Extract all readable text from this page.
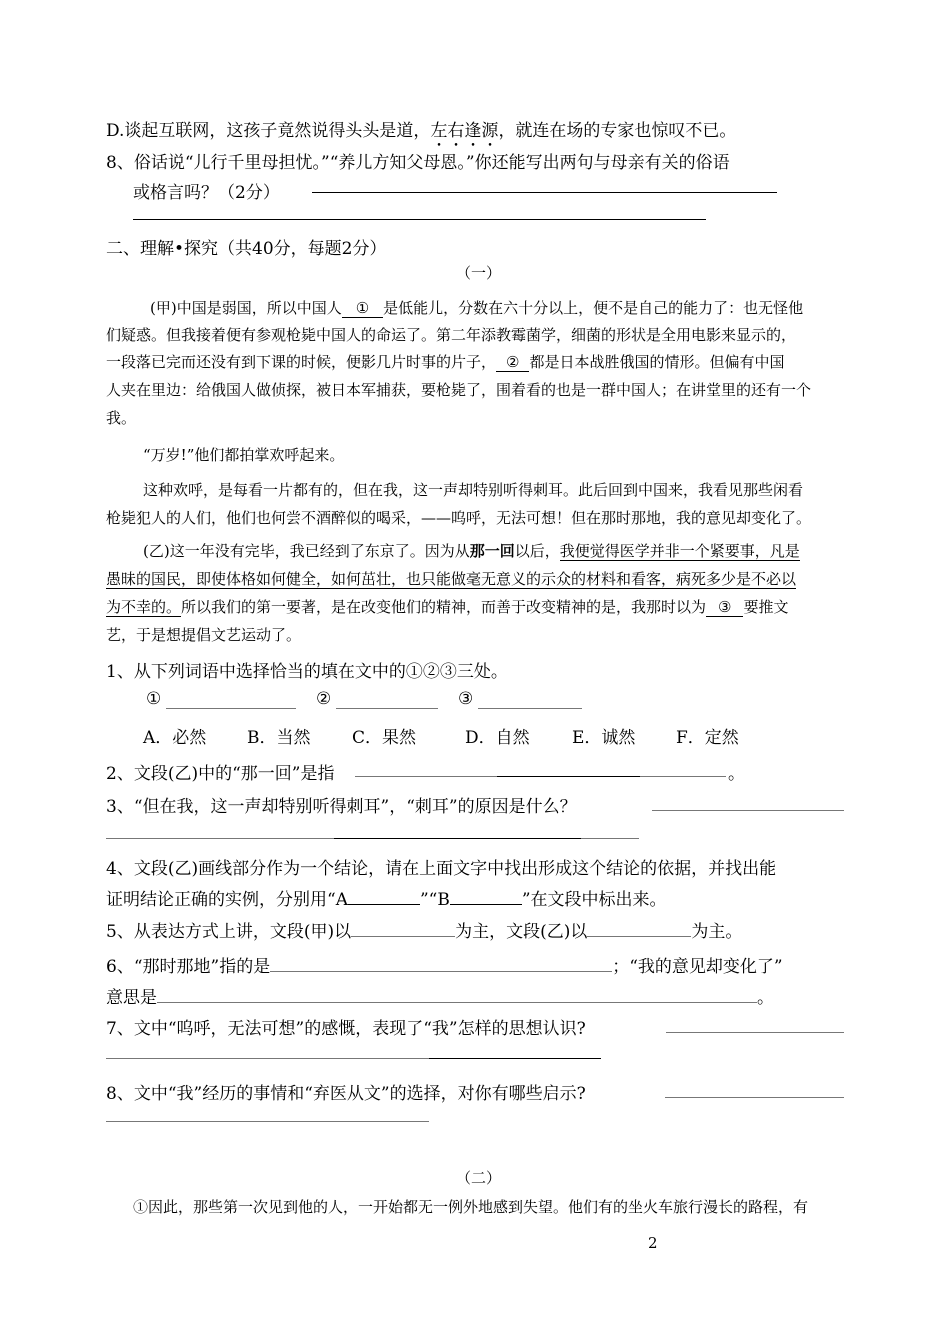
D.谈起互联网，这孩子竟然说得头头是道，左右逢源，就连在场的专家也惊叹不已。
8、俗话说“儿行千里母担忧。”“养儿方知父母恩。”你还能写出两句与母亲有关的俗语
或格言吗？（2分）
二、理解•探究（共40分，每题2分）
（一）
(甲)中国是弱国，所以中国人 ① 是低能儿，分数在六十分以上，便不是自己的能力了：也无怪他
们疑惑。但我接着便有参观枪毙中国人的命运了。第二年添教霉菌学，细菌的形状是全用电影来显示的，
一段落已完而还没有到下课的时候，便影几片时事的片子， ② 都是日本战胜俄国的情形。但偏有中国
人夹在里边：给俄国人做侦探，被日本军捕获，要枪毙了，围着看的也是一群中国人；在讲堂里的还有一个
我。
“万岁!”他们都拍掌欢呼起来。
这种欢呼，是每看一片都有的，但在我，这一声却特别听得刺耳。此后回到中国来，我看见那些闲看
枪毙犯人的人们，他们也何尝不酒醉似的喝采，——呜呼，无法可想！但在那时那地，我的意见却变化了。
(乙)这一年没有完毕，我已经到了东京了。因为从那一回以后，我便觉得医学并非一个紧要事，凡是
愚昧的国民，即使体格如何健全，如何茁壮，也只能做毫无意义的示众的材料和看客，病死多少是不必以
为不幸的。所以我们的第一要著，是在改变他们的精神，而善于改变精神的是，我那时以为 ③ 要推文
艺，于是想提倡文艺运动了。
1、从下列词语中选择恰当的填在文中的①②③三处。
①	②	③
A．必然 B．当然 C．果然	D．自然 E．诚然 F．定然
2、文段(乙)中的“那一回”是指	。
3、“但在我，这一声却特别听得刺耳”，“刺耳”的原因是什么？
4、文段(乙)画线部分作为一个结论，请在上面文字中找出形成这个结论的依据，并找出能
证明结论正确的实例，分别用“A	”“B	”在文段中标出来。
5、从表达方式上讲，文段(甲)以	为主，文段(乙)以	为主。
6、“那时那地”指的是	；“我的意见却变化了”
意思是	。
7、文中“呜呼，无法可想”的感慨，表现了“我”怎样的思想认识?
8、文中“我”经历的事情和“弃医从文”的选择，对你有哪些启示?
（二）
①因此，那些第一次见到他的人，一开始都无一例外地感到失望。他们有的坐火车旅行漫长的路程，有
2
